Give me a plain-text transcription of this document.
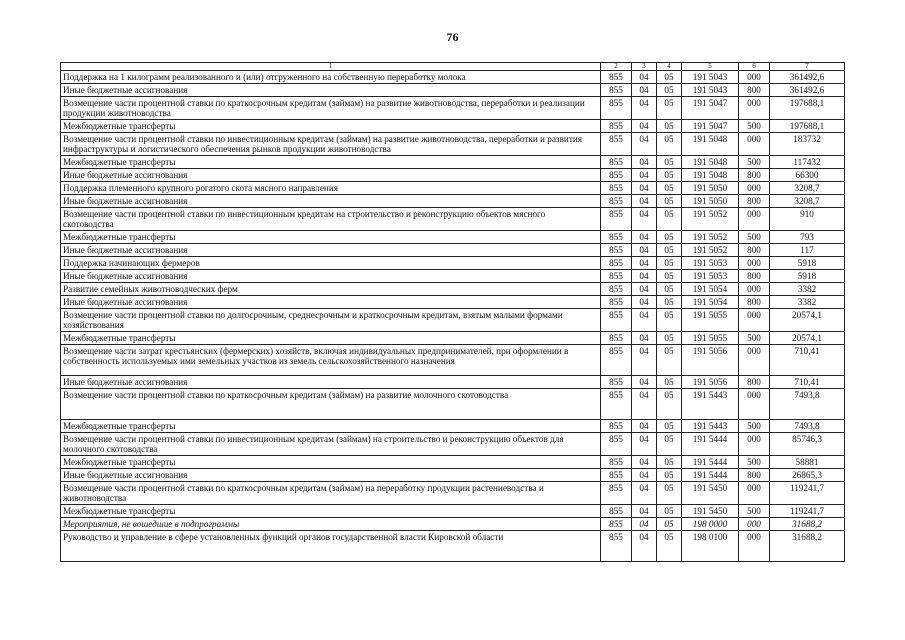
76
1	2	3	4	5	6	7
Поддержка на 1 килограмм реализованного и (или) отгруженного на собственную переработку молока	855	04	05	191 5043	000	361492,6
Иные бюджетные ассигнования	855	04	05	191 5043	800	361492,6
Возмещение части процентной ставки по краткосрочным кредитам (займам) на развитие животноводства, переработки и реализации продукции животноводства	855	04	05	191 5047	000	197688,1
Межбюджетные трансферты	855	04	05	191 5047	500	197688,1
Возмещение части процентной ставки по инвестиционным кредитам (займам) на развитие животноводства, переработки и развития инфраструктуры и логистического обеспечения рынков продукции животноводства	855	04	05	191 5048	000	183732
Межбюджетные трансферты	855	04	05	191 5048	500	117432
Иные бюджетные ассигнования	855	04	05	191 5048	800	66300
Поддержка племенного крупного рогатого скота мясного направления	855	04	05	191 5050	000	3208,7
Иные бюджетные ассигнования	855	04	05	191 5050	800	3208,7
Возмещение части процентной ставки по инвестиционным кредитам на строительство и реконструкцию объектов мясного скотоводства	855	04	05	191 5052	000	910
Межбюджетные трансферты	855	04	05	191 5052	500	793
Иные бюджетные ассигнования	855	04	05	191 5052	800	117
Поддержка начинающих фермеров	855	04	05	191 5053	000	5918
Иные бюджетные ассигнования	855	04	05	191 5053	800	5918
Развитие семейных животноводческих ферм	855	04	05	191 5054	000	3382
Иные бюджетные ассигнования	855	04	05	191 5054	800	3382
Возмещение части процентной ставки по долгосрочным, среднесрочным и краткосрочным кредитам, взятым малыми формами хозяйствования	855	04	05	191 5055	000	20574,1
Межбюджетные трансферты	855	04	05	191 5055	500	20574,1
Возмещение части затрат крестьянских (фермерских) хозяйств, включая индивидуальных предпринимателей, при оформлении в собственность используемых ими земельных участков из земель сельскохозяйственного назначения	855	04	05	191 5056	000	710,41
Иные бюджетные ассигнования	855	04	05	191 5056	800	710,41
Возмещение части процентной ставки по краткосрочным кредитам (займам) на развитие молочного скотоводства	855	04	05	191 5443	000	7493,8
Межбюджетные трансферты	855	04	05	191 5443	500	7493,8
Возмещение части процентной ставки по инвестиционным кредитам (займам) на строительство и реконструкцию объектов для молочного скотоводства	855	04	05	191 5444	000	85746,3
Межбюджетные трансферты	855	04	05	191 5444	500	58881
Иные бюджетные ассигнования	855	04	05	191 5444	800	26865,3
Возмещение части процентной ставки по краткосрочным кредитам (займам) на переработку продукции растениеводства и животноводства	855	04	05	191 5450	000	119241,7
Межбюджетные трансферты	855	04	05	191 5450	500	119241,7
Мероприятия, не вошедшие в подпрограммы	855	04	05	198 0000	000	31688,2
Руководство и управление в сфере установленных функций органов государственной власти Кировской области	855	04	05	198 0100	000	31688,2
